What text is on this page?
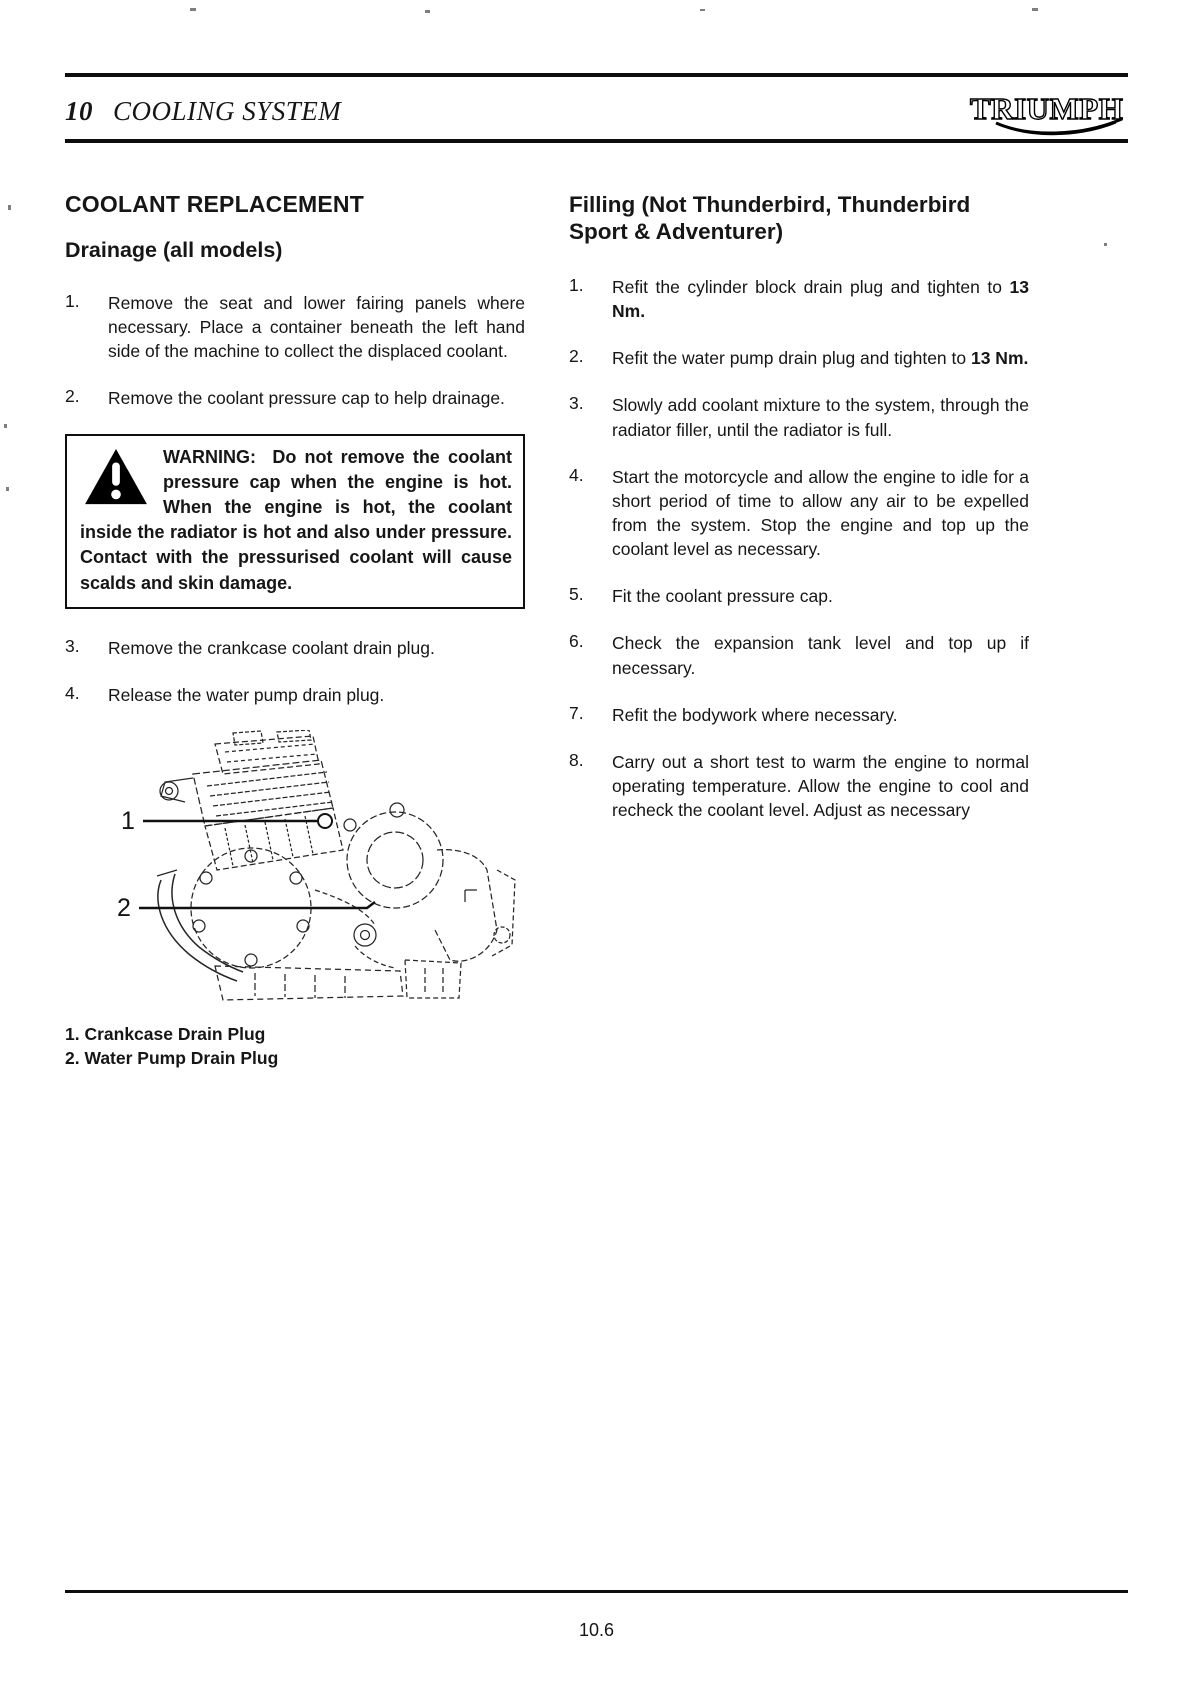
10 COOLING SYSTEM	TRIUMPH
COOLANT REPLACEMENT
Drainage (all models)
1. Remove the seat and lower fairing panels where necessary. Place a container beneath the left hand side of the machine to collect the displaced coolant.
2. Remove the coolant pressure cap to help drainage.

WARNING: Do not remove the coolant pressure cap when the engine is hot. When the engine is hot, the coolant inside the radiator is hot and also under pressure. Contact with the pressurised coolant will cause scalds and skin damage.

3. Remove the crankcase coolant drain plug.
4. Release the water pump drain plug.
1
2
1. Crankcase Drain Plug
2. Water Pump Drain Plug
Filling (Not Thunderbird, Thunderbird Sport & Adventurer)
1. Refit the cylinder block drain plug and tighten to 13 Nm.
2. Refit the water pump drain plug and tighten to 13 Nm.
3. Slowly add coolant mixture to the system, through the radiator filler, until the radiator is full.
4. Start the motorcycle and allow the engine to idle for a short period of time to allow any air to be expelled from the system. Stop the engine and top up the coolant level as necessary.
5. Fit the coolant pressure cap.
6. Check the expansion tank level and top up if necessary.
7. Refit the bodywork where necessary.
8. Carry out a short test to warm the engine to normal operating temperature. Allow the engine to cool and recheck the coolant level. Adjust as necessary
10.6
